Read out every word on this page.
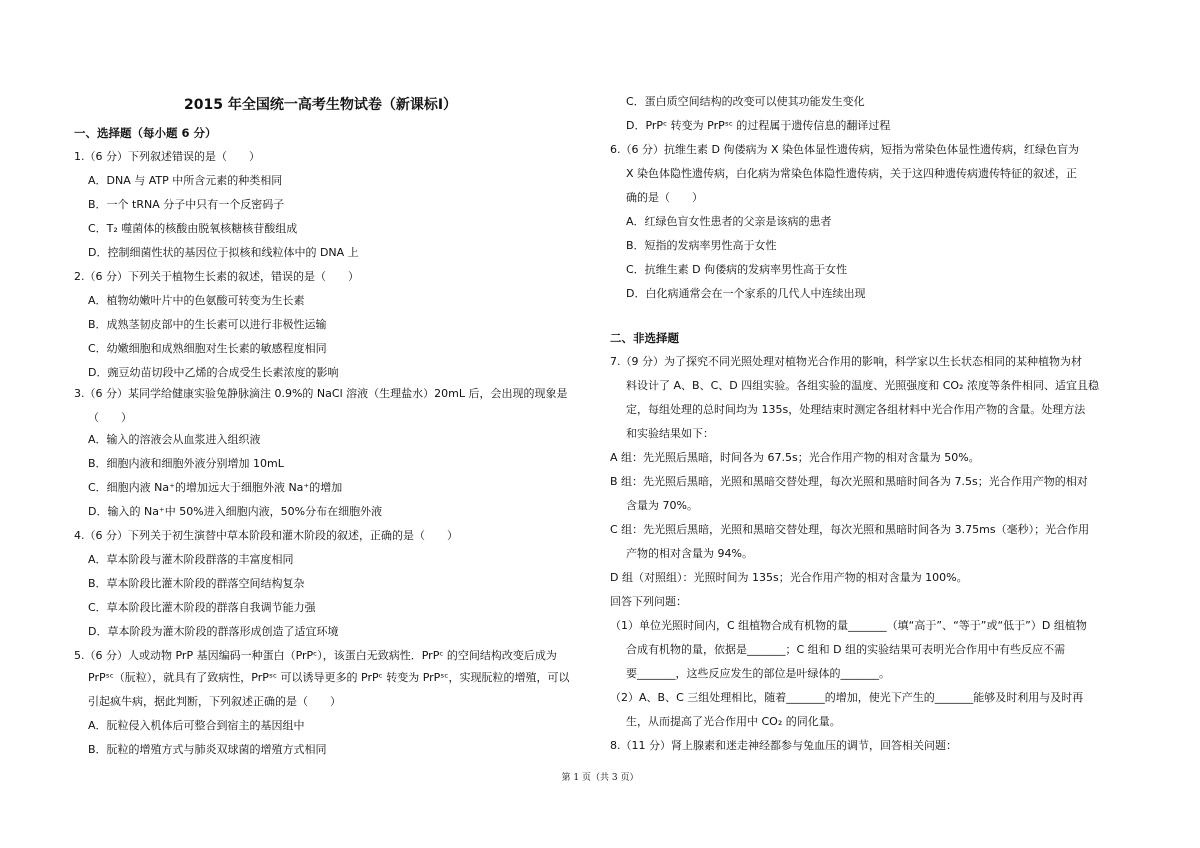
2015 年全国统一高考生物试卷（新课标Ⅰ）
一、选择题（每小题 6 分）
1.（6 分）下列叙述错误的是（　　）
A．DNA 与 ATP 中所含元素的种类相同
B．一个 tRNA 分子中只有一个反密码子
C．T₂ 噬菌体的核酸由脱氧核糖核苷酸组成
D．控制细菌性状的基因位于拟核和线粒体中的 DNA 上
2.（6 分）下列关于植物生长素的叙述，错误的是（　　）
A．植物幼嫩叶片中的色氨酸可转变为生长素
B．成熟茎韧皮部中的生长素可以进行非极性运输
C．幼嫩细胞和成熟细胞对生长素的敏感程度相同
D．豌豆幼苗切段中乙烯的合成受生长素浓度的影响
3.（6 分）某同学给健康实验兔静脉滴注 0.9%的 NaCl 溶液（生理盐水）20mL 后，会出现的现象是
（　　）
A．输入的溶液会从血浆进入组织液
B．细胞内液和细胞外液分别增加 10mL
C．细胞内液 Na⁺的增加远大于细胞外液 Na⁺的增加
D．输入的 Na⁺中 50%进入细胞内液，50%分布在细胞外液
4.（6 分）下列关于初生演替中草本阶段和灌木阶段的叙述，正确的是（　　）
A．草本阶段与灌木阶段群落的丰富度相同
B．草本阶段比灌木阶段的群落空间结构复杂
C．草本阶段比灌木阶段的群落自我调节能力强
D．草本阶段为灌木阶段的群落形成创造了适宜环境
5.（6 分）人或动物 PrP 基因编码一种蛋白（PrPᶜ），该蛋白无致病性．PrPᶜ 的空间结构改变后成为
PrPˢᶜ（朊粒），就具有了致病性，PrPˢᶜ 可以诱导更多的 PrPᶜ 转变为 PrPˢᶜ，实现朊粒的增殖，可以
引起疯牛病，据此判断，下列叙述正确的是（　　）
A．朊粒侵入机体后可整合到宿主的基因组中
B．朊粒的增殖方式与肺炎双球菌的增殖方式相同
C．蛋白质空间结构的改变可以使其功能发生变化
D．PrPᶜ 转变为 PrPˢᶜ 的过程属于遗传信息的翻译过程
6.（6 分）抗维生素 D 佝偻病为 X 染色体显性遗传病，短指为常染色体显性遗传病，红绿色盲为
X 染色体隐性遗传病，白化病为常染色体隐性遗传病，关于这四种遗传病遗传特征的叙述，正
确的是（　　）
A．红绿色盲女性患者的父亲是该病的患者
B．短指的发病率男性高于女性
C．抗维生素 D 佝偻病的发病率男性高于女性
D．白化病通常会在一个家系的几代人中连续出现
二、非选择题
7.（9 分）为了探究不同光照处理对植物光合作用的影响，科学家以生长状态相同的某种植物为材
料设计了 A、B、C、D 四组实验。各组实验的温度、光照强度和 CO₂ 浓度等条件相同、适宜且稳
定，每组处理的总时间均为 135s，处理结束时测定各组材料中光合作用产物的含量。处理方法
和实验结果如下：
A 组：先光照后黑暗，时间各为 67.5s；光合作用产物的相对含量为 50%。
B 组：先光照后黑暗，光照和黑暗交替处理，每次光照和黑暗时间各为 7.5s；光合作用产物的相对
含量为 70%。
C 组：先光照后黑暗，光照和黑暗交替处理，每次光照和黑暗时间各为 3.75ms（毫秒）；光合作用
产物的相对含量为 94%。
D 组（对照组）：光照时间为 135s；光合作用产物的相对含量为 100%。
回答下列问题：
（1）单位光照时间内，C 组植物合成有机物的量_______（填“高于”、“等于”或“低于”）D 组植物
合成有机物的量，依据是_______；C 组和 D 组的实验结果可表明光合作用中有些反应不需
要_______，这些反应发生的部位是叶绿体的_______。
（2）A、B、C 三组处理相比，随着_______的增加，使光下产生的_______能够及时利用与及时再
生，从而提高了光合作用中 CO₂ 的同化量。
8.（11 分）肾上腺素和迷走神经都参与兔血压的调节，回答相关问题：
第 1 页（共 3 页）
